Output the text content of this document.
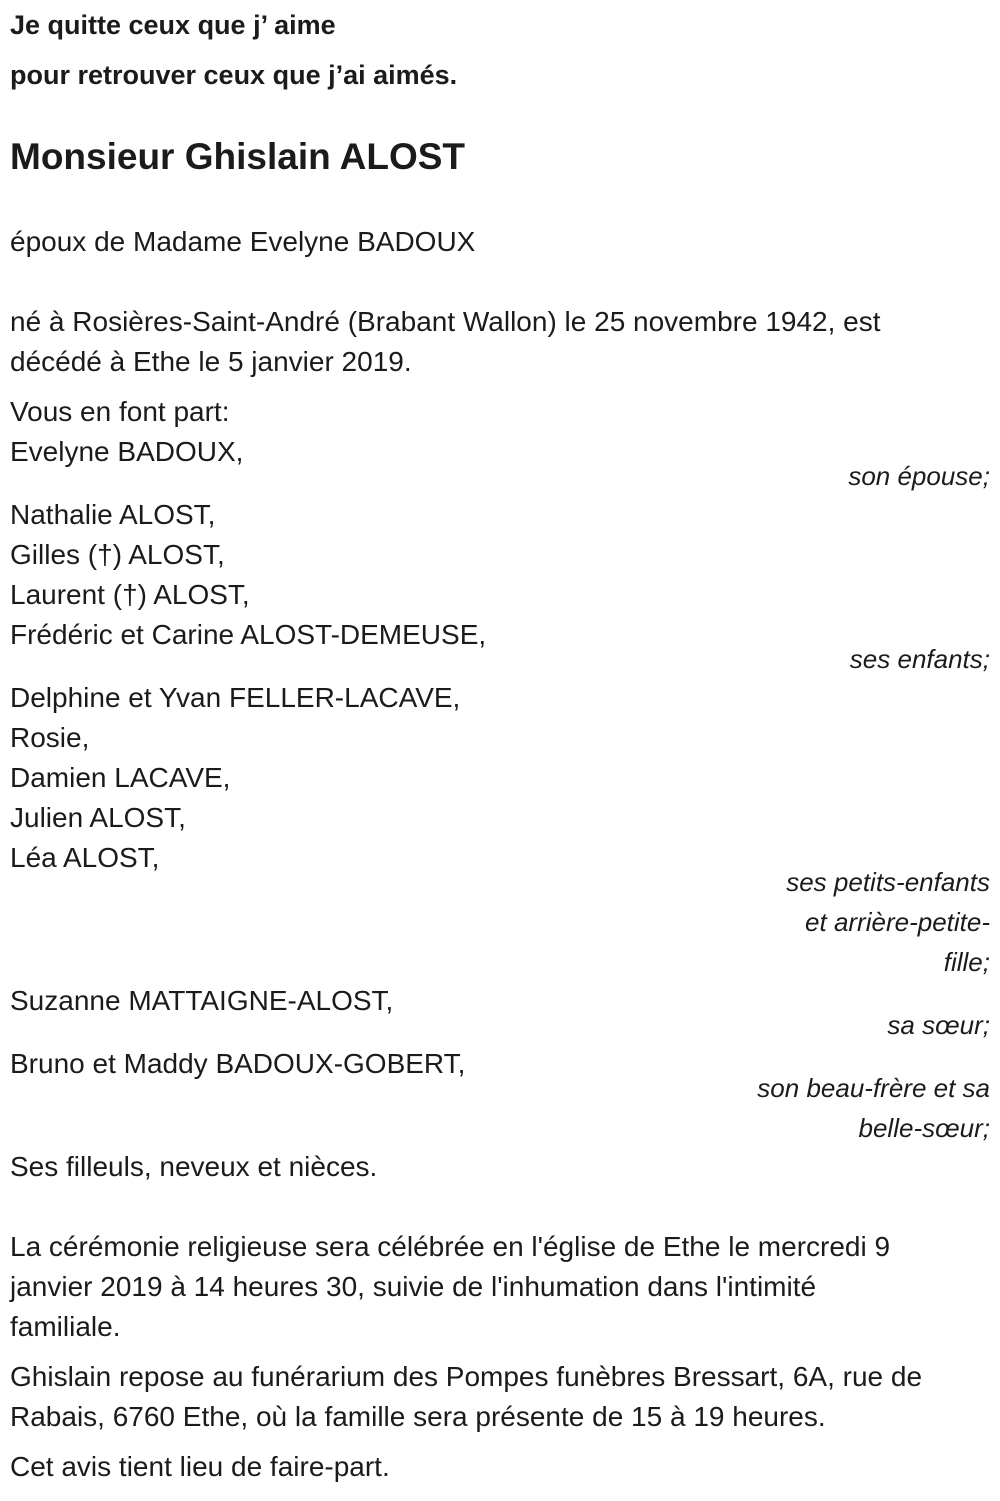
Je quitte ceux que j’ aime
pour retrouver ceux que j’ai aimés.
Monsieur Ghislain ALOST
époux de Madame Evelyne BADOUX
né à Rosières-Saint-André (Brabant Wallon) le 25 novembre 1942, est
décédé à Ethe le 5 janvier 2019.
Vous en font part:
Evelyne BADOUX,
son épouse;
Nathalie ALOST,
Gilles (†) ALOST,
Laurent (†) ALOST,
Frédéric et Carine ALOST-DEMEUSE,
ses enfants;
Delphine et Yvan FELLER-LACAVE,
Rosie,
Damien LACAVE,
Julien ALOST,
Léa ALOST,
ses petits-enfants
et arrière-petite-
fille;
Suzanne MATTAIGNE-ALOST,
sa sœur;
Bruno et Maddy BADOUX-GOBERT,
son beau-frère et sa
belle-sœur;
Ses filleuls, neveux et nièces.
La cérémonie religieuse sera célébrée en l'église de Ethe le mercredi 9
janvier 2019 à 14 heures 30, suivie de l'inhumation dans l'intimité
familiale.
Ghislain repose au funérarium des Pompes funèbres Bressart, 6A, rue de
Rabais, 6760 Ethe, où la famille sera présente de 15 à 19 heures.
Cet avis tient lieu de faire-part.
